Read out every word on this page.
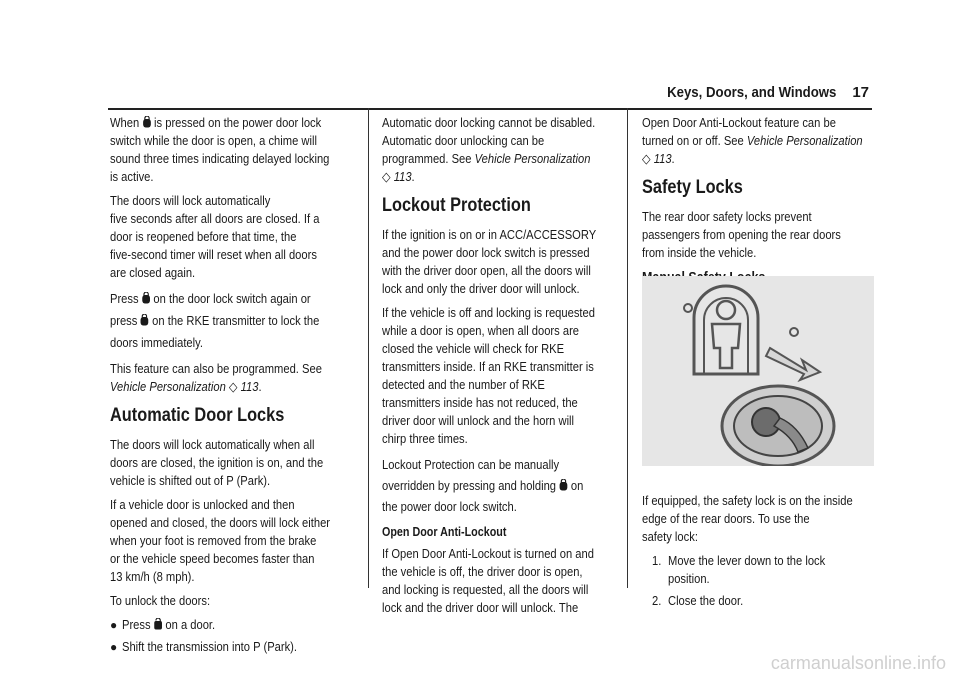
Keys, Doors, and Windows 17

When is pressed on the power door lock
switch while the door is open, a chime will
sound three times indicating delayed locking
is active.

The doors will lock automatically
five seconds after all doors are closed. If a
door is reopened before that time, the
five-second timer will reset when all doors
are closed again.

Press on the door lock switch again or
press on the RKE transmitter to lock the
doors immediately.

This feature can also be programmed. See
Vehicle Personalization ◇ 113.

Automatic Door Locks

The doors will lock automatically when all
doors are closed, the ignition is on, and the
vehicle is shifted out of P (Park).

If a vehicle door is unlocked and then
opened and closed, the doors will lock either
when your foot is removed from the brake
or the vehicle speed becomes faster than
13 km/h (8 mph).

To unlock the doors:

● Press on a door.
● Shift the transmission into P (Park).

Automatic door locking cannot be disabled.
Automatic door unlocking can be
programmed. See Vehicle Personalization
◇ 113.

Lockout Protection

If the ignition is on or in ACC/ACCESSORY
and the power door lock switch is pressed
with the driver door open, all the doors will
lock and only the driver door will unlock.

If the vehicle is off and locking is requested
while a door is open, when all doors are
closed the vehicle will check for RKE
transmitters inside. If an RKE transmitter is
detected and the number of RKE
transmitters inside has not reduced, the
driver door will unlock and the horn will
chirp three times.

Lockout Protection can be manually
overridden by pressing and holding on
the power door lock switch.

Open Door Anti-Lockout

If Open Door Anti-Lockout is turned on and
the vehicle is off, the driver door is open,
and locking is requested, all the doors will
lock and the driver door will unlock. The

Open Door Anti-Lockout feature can be
turned on or off. See Vehicle Personalization
◇ 113.

Safety Locks

The rear door safety locks prevent
passengers from opening the rear doors
from inside the vehicle.

If equipped, the safety lock is on the inside
edge of the rear doors. To use the
safety lock:

1. Move the lever down to the lock
position.
2. Close the door.
carmanualsonline.info
